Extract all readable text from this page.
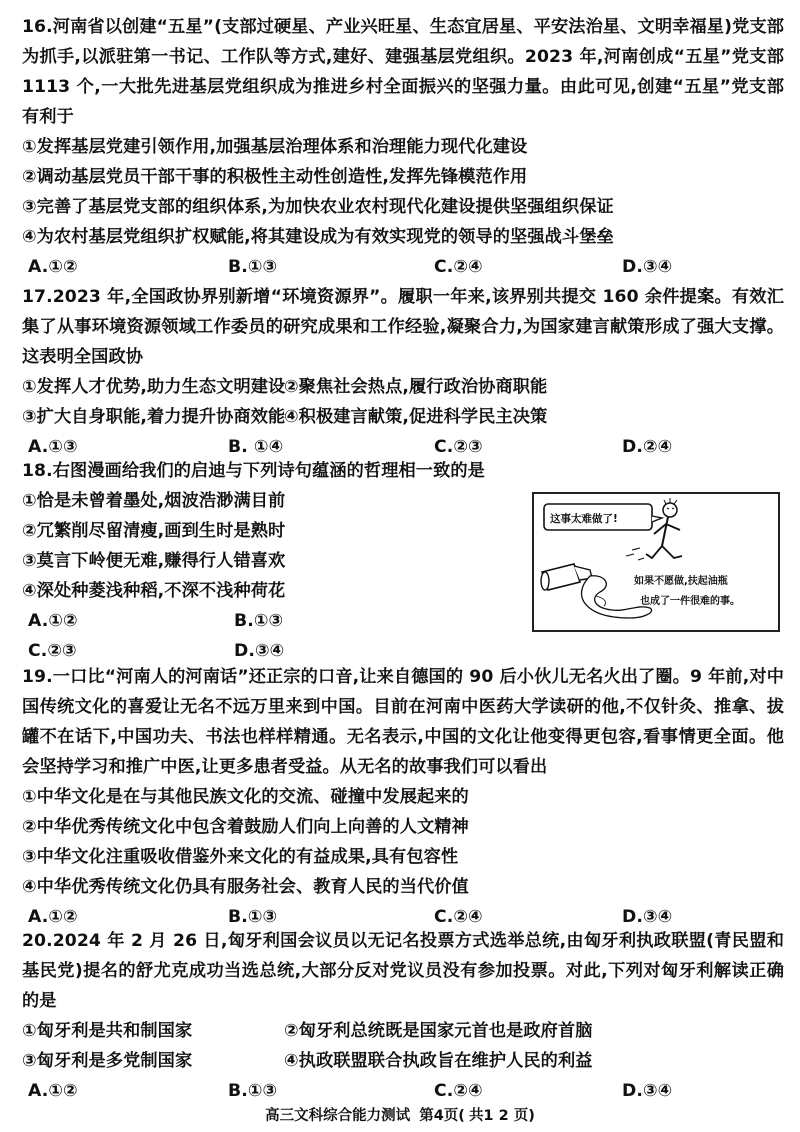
16.河南省以创建“五星”(支部过硬星、产业兴旺星、生态宜居星、平安法治星、文明幸福星)党支部为抓手,以派驻第一书记、工作队等方式,建好、建强基层党组织。2023 年,河南创成“五星”党支部 1113 个,一大批先进基层党组织成为推进乡村全面振兴的坚强力量。由此可见,创建“五星”党支部有利于

①发挥基层党建引领作用,加强基层治理体系和治理能力现代化建设

②调动基层党员干部干事的积极性主动性创造性,发挥先锋模范作用

③完善了基层党支部的组织体系,为加快农业农村现代化建设提供坚强组织保证

④为农村基层党组织扩权赋能,将其建设成为有效实现党的领导的坚强战斗堡垒

A.①②	B.①③	C.②④	D.③④

17.2023 年,全国政协界别新增“环境资源界”。履职一年来,该界别共提交 160 余件提案。有效汇集了从事环境资源领域工作委员的研究成果和工作经验,凝聚合力,为国家建言献策形成了强大支撑。这表明全国政协

①发挥人才优势,助力生态文明建设
②聚焦社会热点,履行政治协商职能
③扩大自身职能,着力提升协商效能
④积极建言献策,促进科学民主决策
A.①③	B. ①④	C.②③	D.②④

18.右图漫画给我们的启迪与下列诗句蕴涵的哲理相一致的是

①恰是未曾着墨处,烟波浩渺满目前

②冗繁削尽留清瘦,画到生时是熟时

③莫言下岭便无难,赚得行人错喜欢

④深处种菱浅种稻,不深不浅种荷花

A.①②	B.①③
C.②③	D.③④
这事太难做了!
如果不愿做,扶起油瓶
也成了一件很难的事。

19.一口比“河南人的河南话”还正宗的口音,让来自德国的 90 后小伙儿无名火出了圈。9 年前,对中国传统文化的喜爱让无名不远万里来到中国。目前在河南中医药大学读研的他,不仅针灸、推拿、拔罐不在话下,中国功夫、书法也样样精通。无名表示,中国的文化让他变得更包容,看事情更全面。他会坚持学习和推广中医,让更多患者受益。从无名的故事我们可以看出

①中华文化是在与其他民族文化的交流、碰撞中发展起来的

②中华优秀传统文化中包含着鼓励人们向上向善的人文精神

③中华文化注重吸收借鉴外来文化的有益成果,具有包容性

④中华优秀传统文化仍具有服务社会、教育人民的当代价值

A.①②	B.①③	C.②④	D.③④

20.2024 年 2 月 26 日,匈牙利国会议员以无记名投票方式选举总统,由匈牙利执政联盟(青民盟和基民党)提名的舒尤克成功当选总统,大部分反对党议员没有参加投票。对此,下列对匈牙利解读正确的是

①匈牙利是共和制国家	②匈牙利总统既是国家元首也是政府首脑
③匈牙利是多党制国家	④执政联盟联合执政旨在维护人民的利益
A.①②	B.①③	C.②④	D.③④
高三文科综合能力测试 第4页( 共1 2 页)
